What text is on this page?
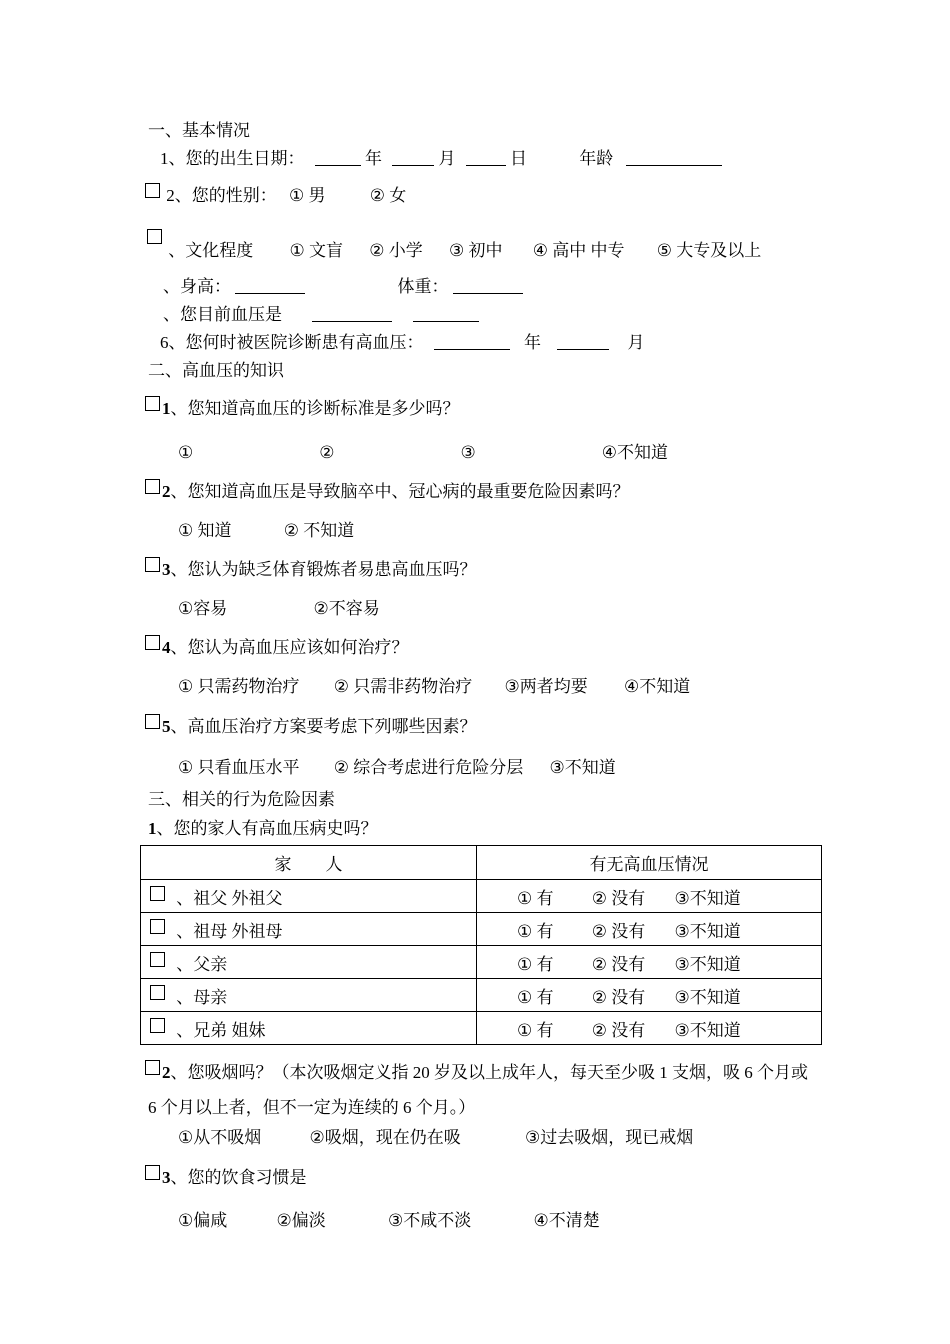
一、基本情况
1、您的出生日期：	年	月	日	年龄
2、您的性别： ① 男	② 女
、文化程度 ① 文盲 ② 小学 ③ 初中 ④ 高中 中专 ⑤ 大专及以上
、身高：	体重：
、您目前血压是
6、您何时被医院诊断患有高血压：	年	月
二、高血压的知识
1、您知道高血压的诊断标准是多少吗？
①	②	③	④不知道
2、您知道高血压是导致脑卒中、冠心病的最重要危险因素吗？
① 知道	② 不知道
3、您认为缺乏体育锻炼者易患高血压吗？
①容易	②不容易
4、您认为高血压应该如何治疗？
① 只需药物治疗 ② 只需非药物治疗 ③两者均要 ④不知道
5、高血压治疗方案要考虑下列哪些因素？
① 只看血压水平 ② 综合考虑进行危险分层 ③不知道
三、相关的行为危险因素
1、您的家人有高血压病史吗？
家　　人	有无高血压情况
、祖父 外祖父	① 有 ② 没有 ③不知道
、祖母 外祖母	① 有 ② 没有 ③不知道
、父亲	① 有 ② 没有 ③不知道
、母亲	① 有 ② 没有 ③不知道
、兄弟 姐妹	① 有 ② 没有 ③不知道
2、您吸烟吗？（本次吸烟定义指 20 岁及以上成年人，每天至少吸 1 支烟，吸 6 个月或
6 个月以上者，但不一定为连续的 6 个月。）
①从不吸烟	②吸烟，现在仍在吸	③过去吸烟，现已戒烟
3、您的饮食习惯是
①偏咸	②偏淡	③不咸不淡	④不清楚
